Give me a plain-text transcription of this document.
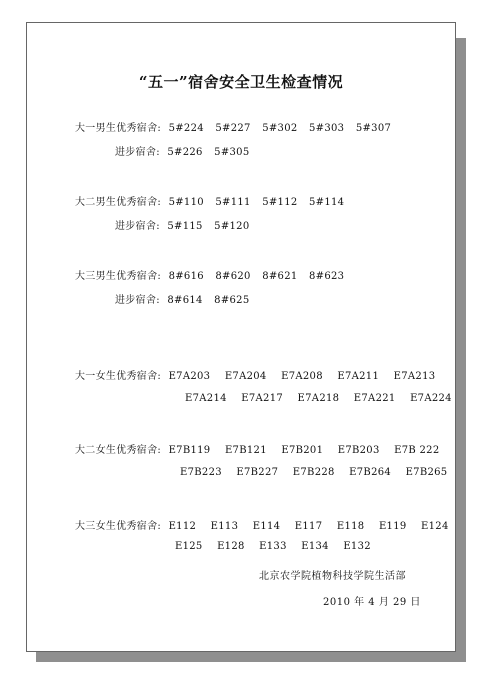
“五一”宿舍安全卫生检查情况
大一男生优秀宿舍: 5#224 5#227 5#302 5#303 5#307
进步宿舍: 5#226 5#305
大二男生优秀宿舍: 5#110 5#111 5#112 5#114
进步宿舍: 5#115 5#120
大三男生优秀宿舍: 8#616 8#620 8#621 8#623
进步宿舍: 8#614 8#625
大一女生优秀宿舍: E7A203 E7A204 E7A208 E7A211 E7A213
E7A214 E7A217 E7A218 E7A221 E7A224
大二女生优秀宿舍: E7B119 E7B121 E7B201 E7B203 E7B 222
E7B223 E7B227 E7B228 E7B264 E7B265
大三女生优秀宿舍: E112 E113 E114 E117 E118 E119 E124
E125 E128 E133 E134 E132
北京农学院植物科技学院生活部
2010 年 4 月 29 日
